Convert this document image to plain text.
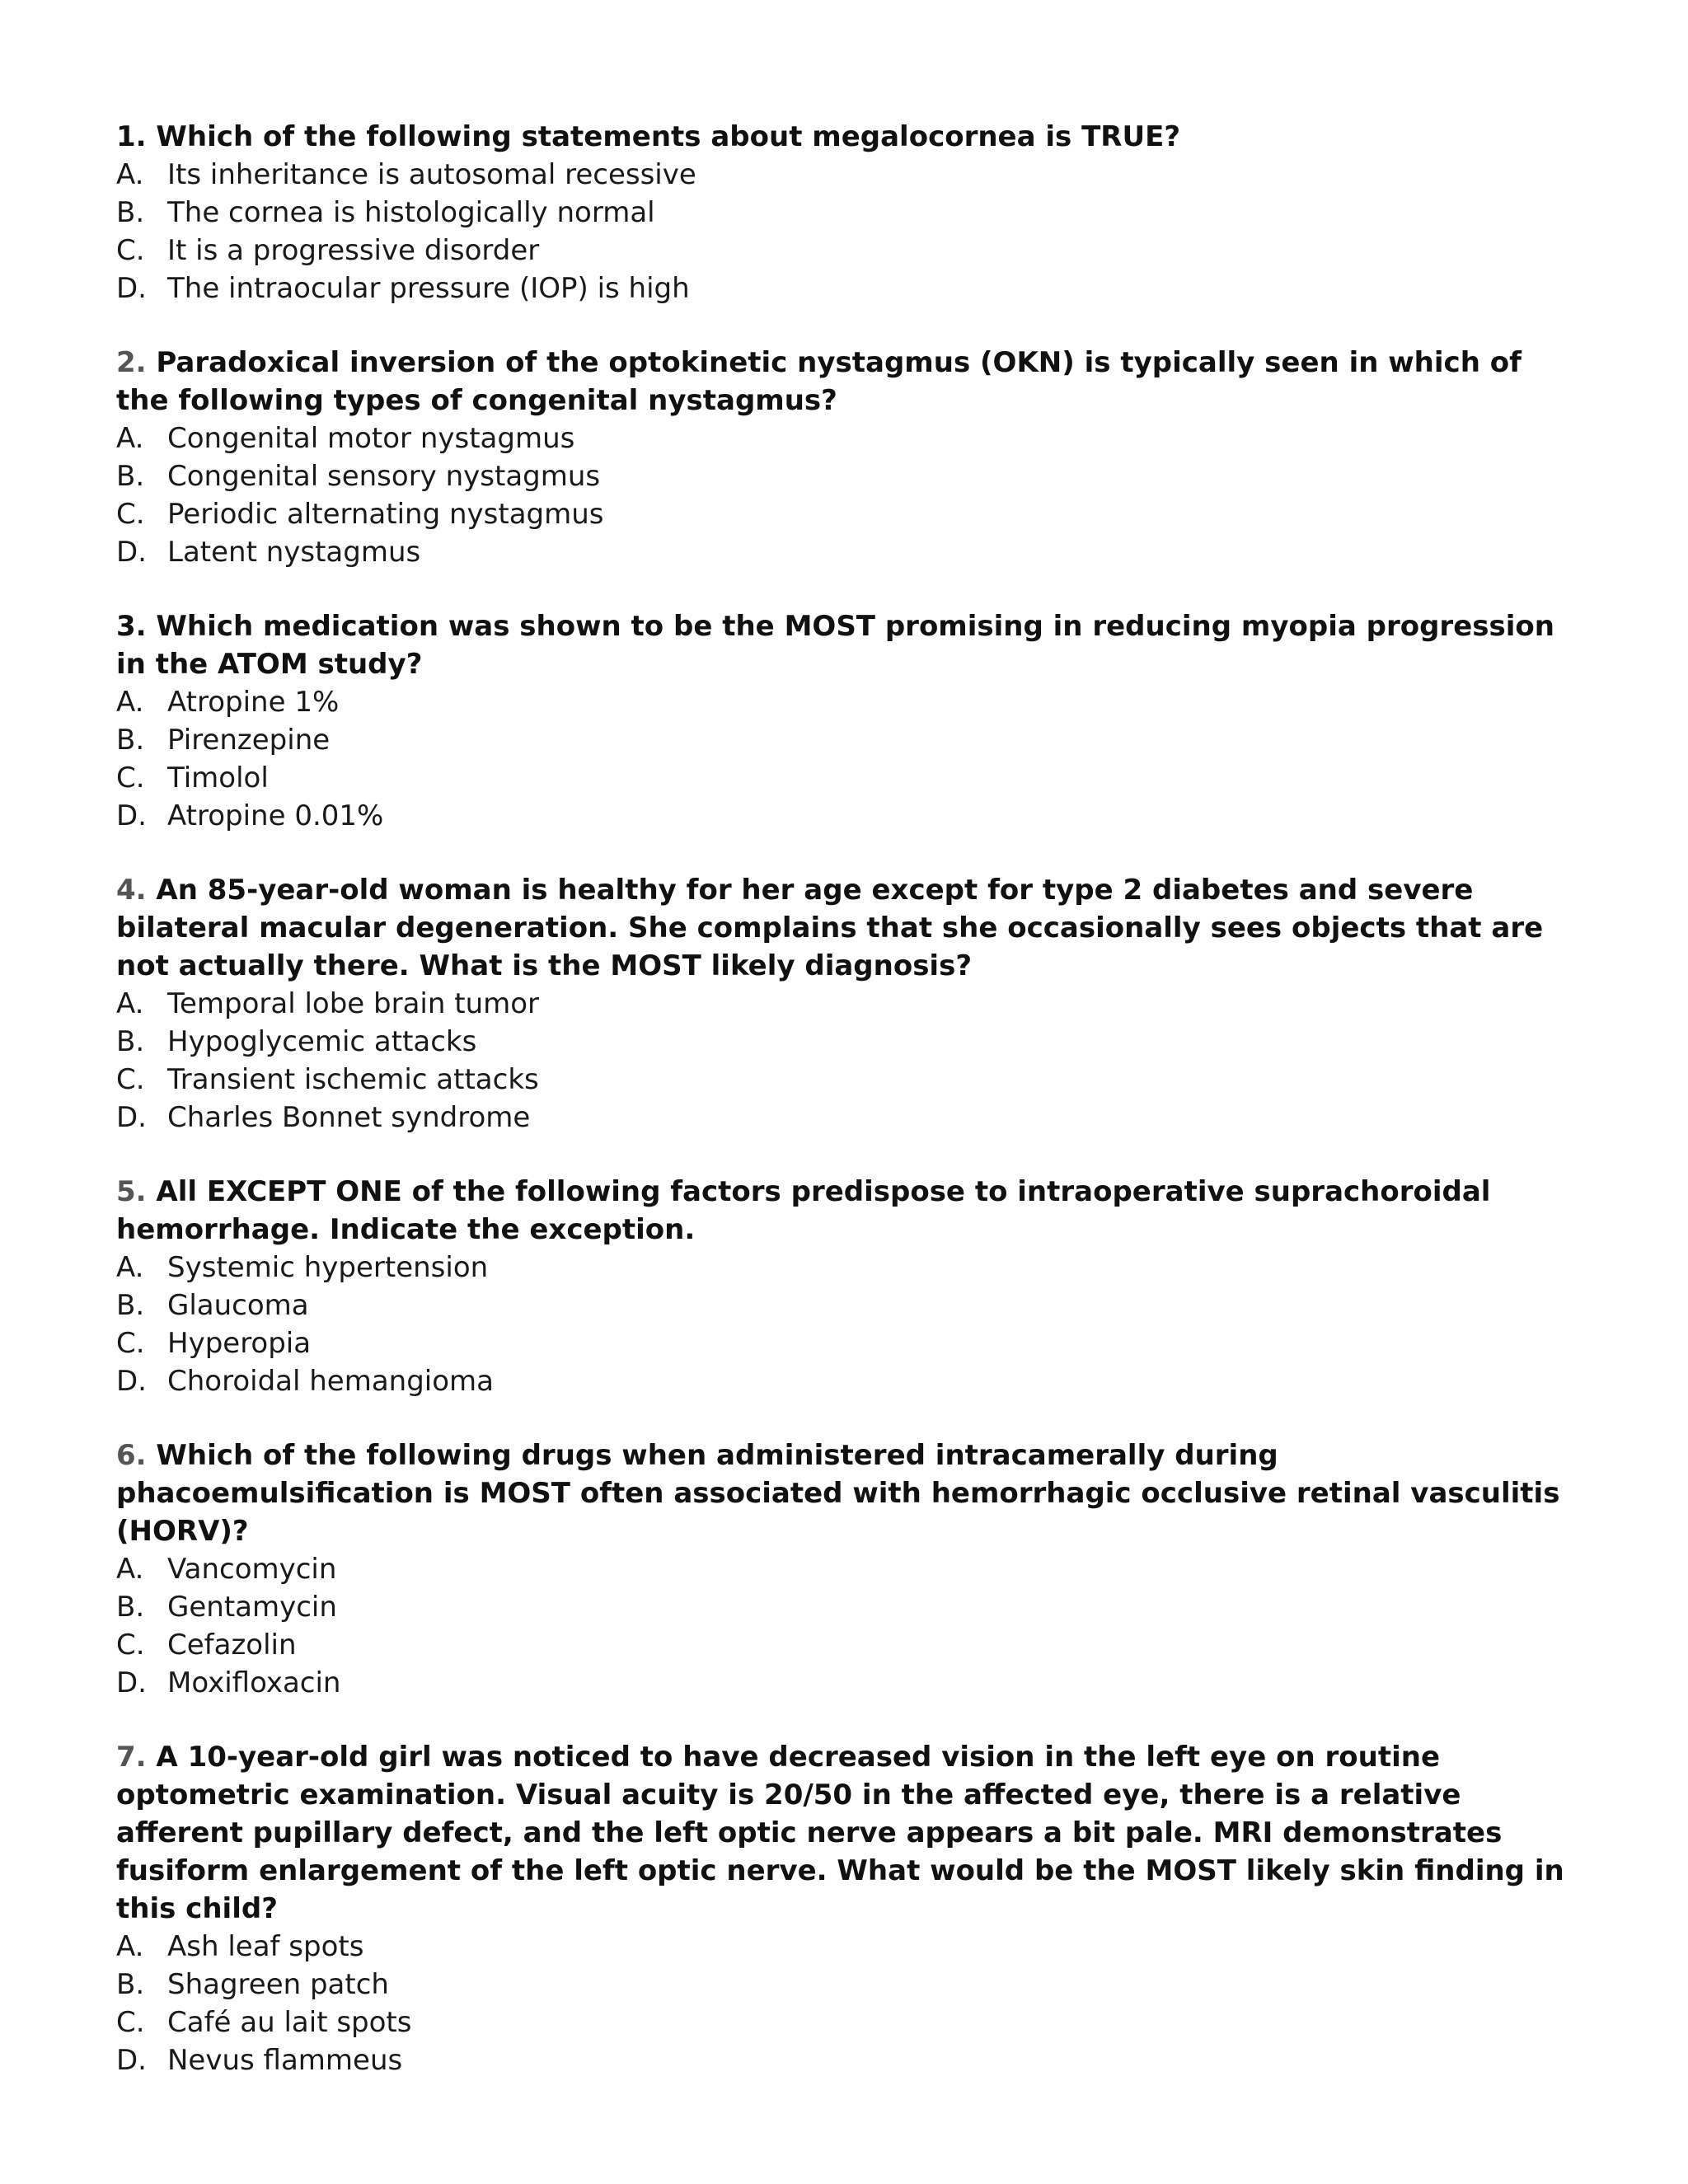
1. Which of the following statements about megalocornea is TRUE?

A. Its inheritance is autosomal recessive
B. The cornea is histologically normal
C. It is a progressive disorder
D. The intraocular pressure (IOP) is high

2. Paradoxical inversion of the optokinetic nystagmus (OKN) is typically seen in which of the following types of congenital nystagmus?

A. Congenital motor nystagmus
B. Congenital sensory nystagmus
C. Periodic alternating nystagmus
D. Latent nystagmus

3. Which medication was shown to be the MOST promising in reducing myopia progression in the ATOM study?

A. Atropine 1%
B. Pirenzepine
C. Timolol
D. Atropine 0.01%

4. An 85-year-old woman is healthy for her age except for type 2 diabetes and severe bilateral macular degeneration. She complains that she occasionally sees objects that are not actually there. What is the MOST likely diagnosis?

A. Temporal lobe brain tumor
B. Hypoglycemic attacks
C. Transient ischemic attacks
D. Charles Bonnet syndrome

5. All EXCEPT ONE of the following factors predispose to intraoperative suprachoroidal hemorrhage. Indicate the exception.

A. Systemic hypertension
B. Glaucoma
C. Hyperopia
D. Choroidal hemangioma

6. Which of the following drugs when administered intracamerally during phacoemulsification is MOST often associated with hemorrhagic occlusive retinal vasculitis (HORV)?

A. Vancomycin
B. Gentamycin
C. Cefazolin
D. Moxifloxacin

7. A 10-year-old girl was noticed to have decreased vision in the left eye on routine optometric examination. Visual acuity is 20/50 in the affected eye, there is a relative afferent pupillary defect, and the left optic nerve appears a bit pale. MRI demonstrates fusiform enlargement of the left optic nerve. What would be the MOST likely skin finding in this child?

A. Ash leaf spots
B. Shagreen patch
C. Café au lait spots
D. Nevus flammeus
